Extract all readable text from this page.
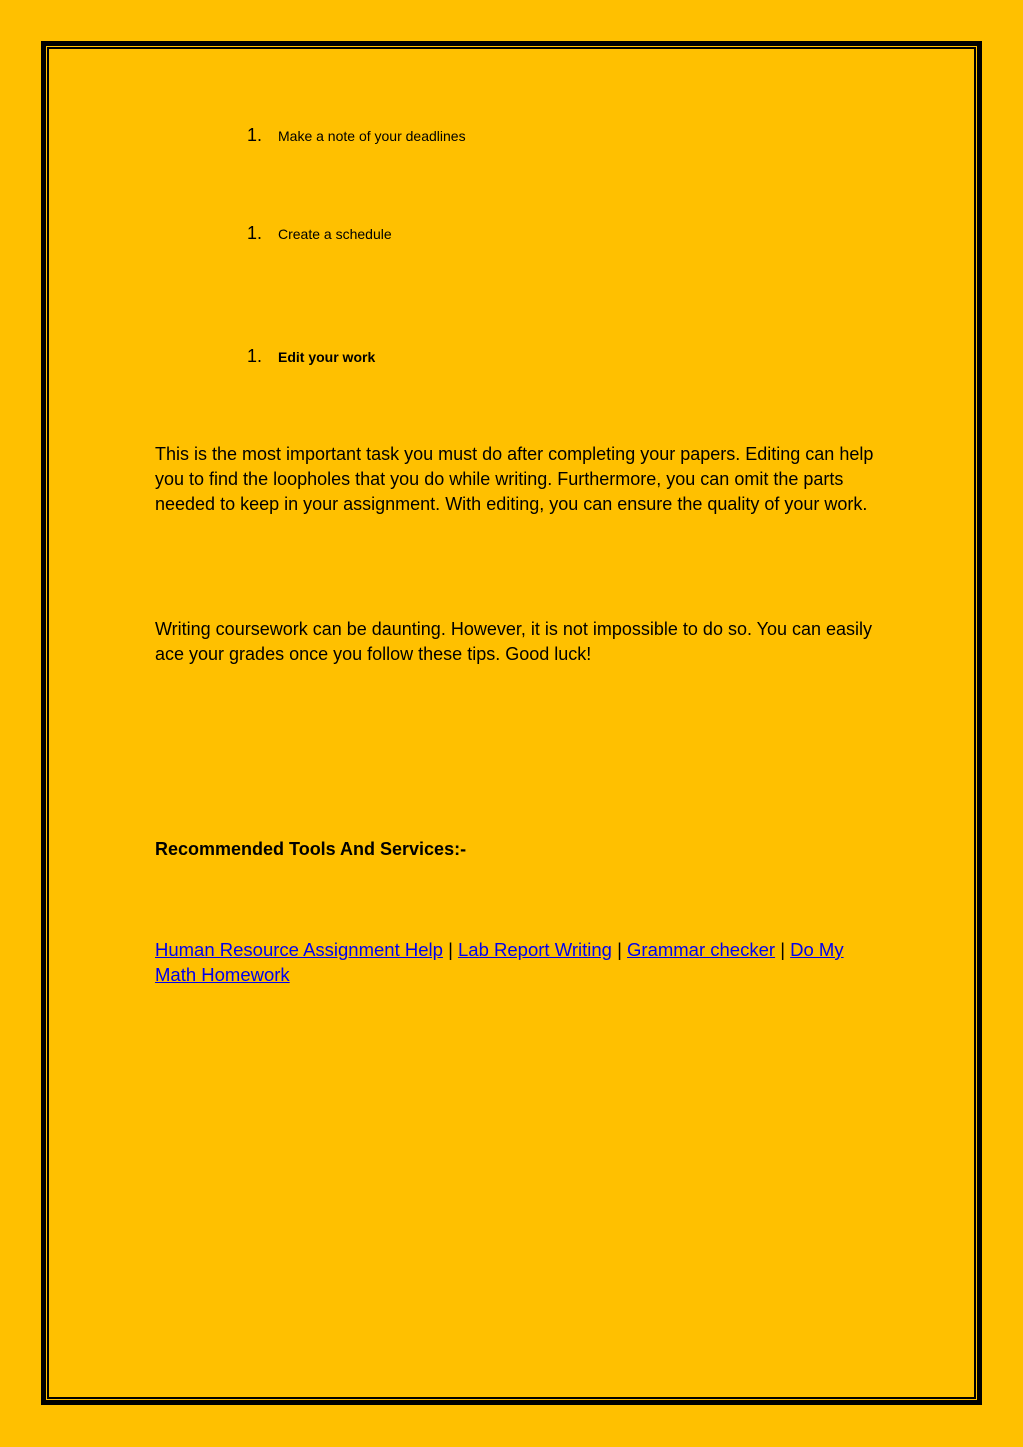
1. Make a note of your deadlines
1. Create a schedule
1. Edit your work

This is the most important task you must do after completing your papers. Editing can help you to find the loopholes that you do while writing. Furthermore, you can omit the parts needed to keep in your assignment. With editing, you can ensure the quality of your work.

Writing coursework can be daunting. However, it is not impossible to do so. You can easily ace your grades once you follow these tips. Good luck!

Recommended Tools And Services:-

Human Resource Assignment Help | Lab Report Writing | Grammar checker | Do My Math Homework
